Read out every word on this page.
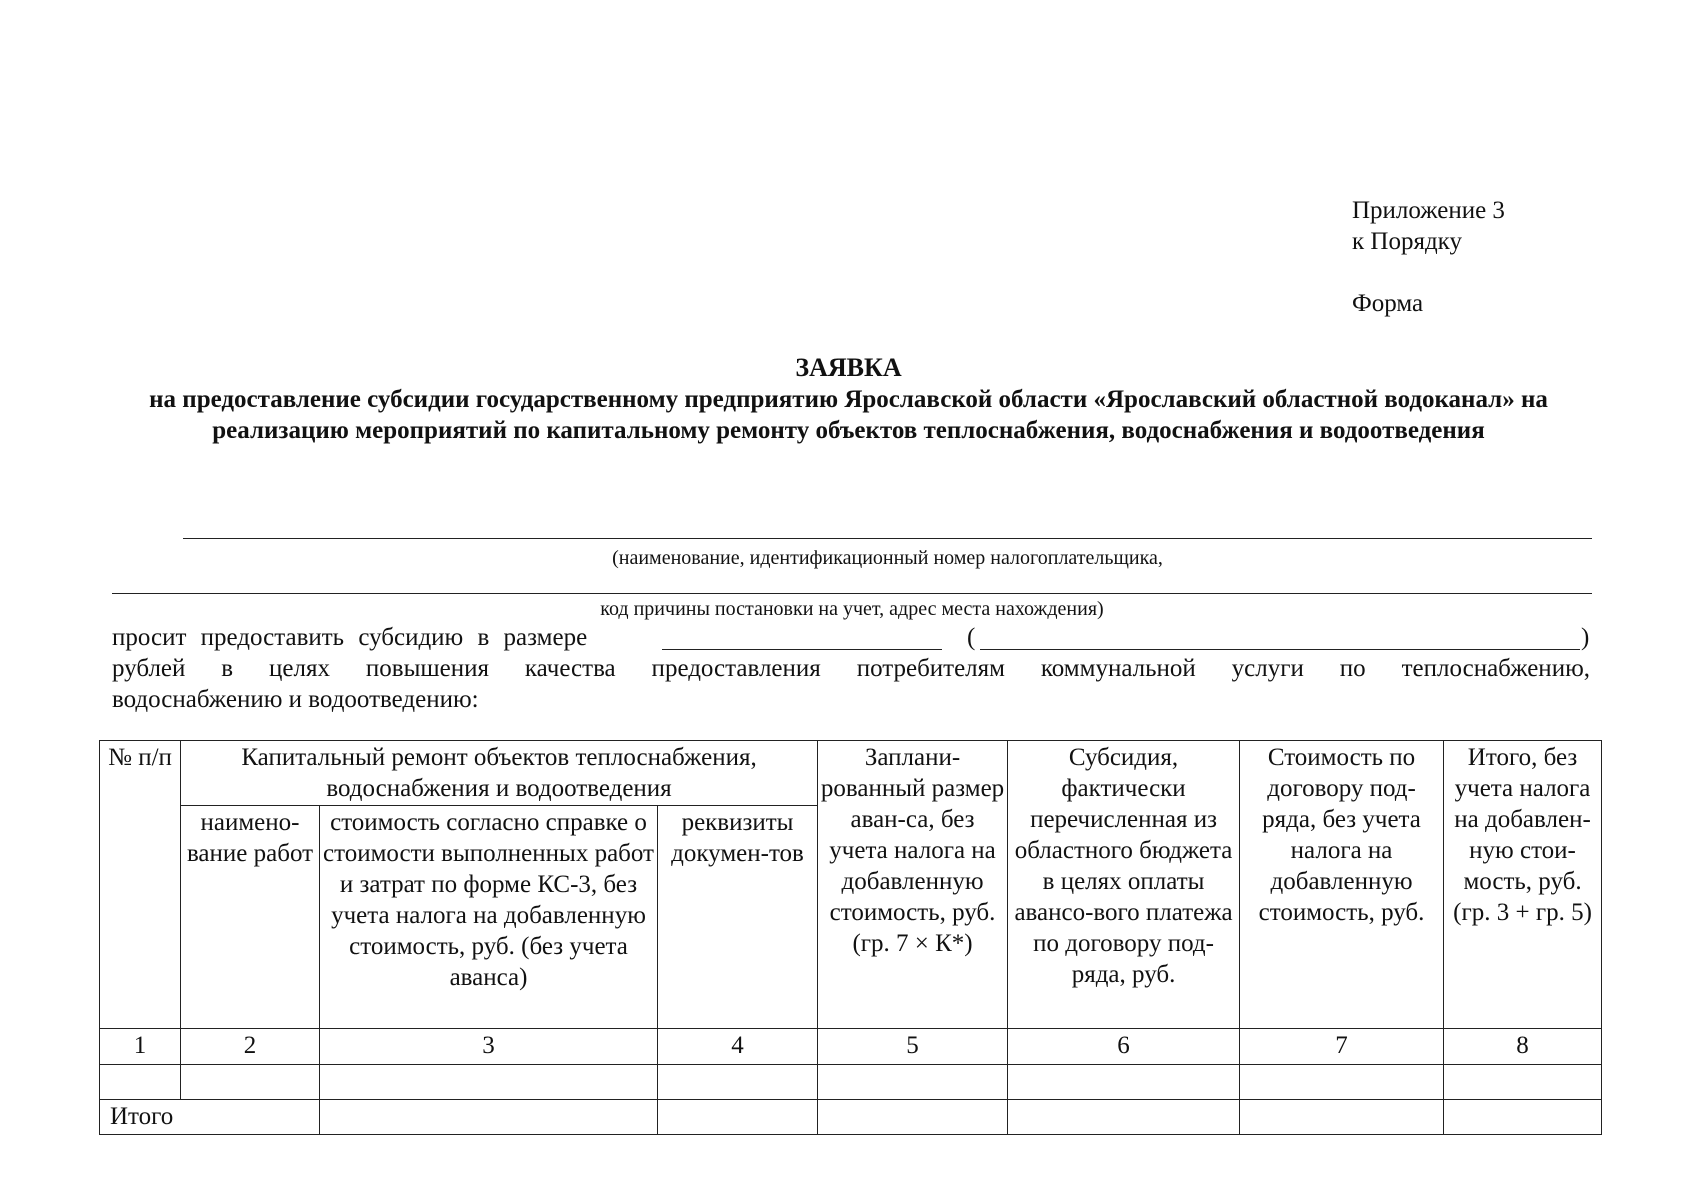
Приложение 3
к Порядку
Форма
ЗАЯВКА
на предоставление субсидии государственному предприятию Ярославской области «Ярославский областной водоканал» на реализацию мероприятий по капитальному ремонту объектов теплоснабжения, водоснабжения и водоотведения
(наименование, идентификационный номер налогоплательщика,
код причины постановки на учет, адрес места нахождения)
просит предоставить субсидию в размере	(	)
рублей в целях повышения качества предоставления потребителям коммунальной услуги по теплоснабжению,
водоснабжению и водоотведению:
№ п/п	Капитальный ремонт объектов теплоснабжения, водоснабжения и водоотведения			Заплани-рованный размер аван-са, без учета налога на добавленную стоимость, руб. (гр. 7 × К*)	Субсидия, фактически перечисленная из областного бюджета в целях оплаты авансо-вого платежа по договору под-ряда, руб.	Стоимость по договору под-ряда, без учета налога на добавленную стоимость, руб.	Итого, без учета налога на добавлен-ную стои-мость, руб. (гр. 3 + гр. 5)
	наимено-вание работ	стоимость согласно справке о стоимости выполненных работ и затрат по форме КС-3, без учета налога на добавленную стоимость, руб. (без учета аванса)	реквизиты докумен-тов				
1	2	3	4	5	6	7	8

Итого							
